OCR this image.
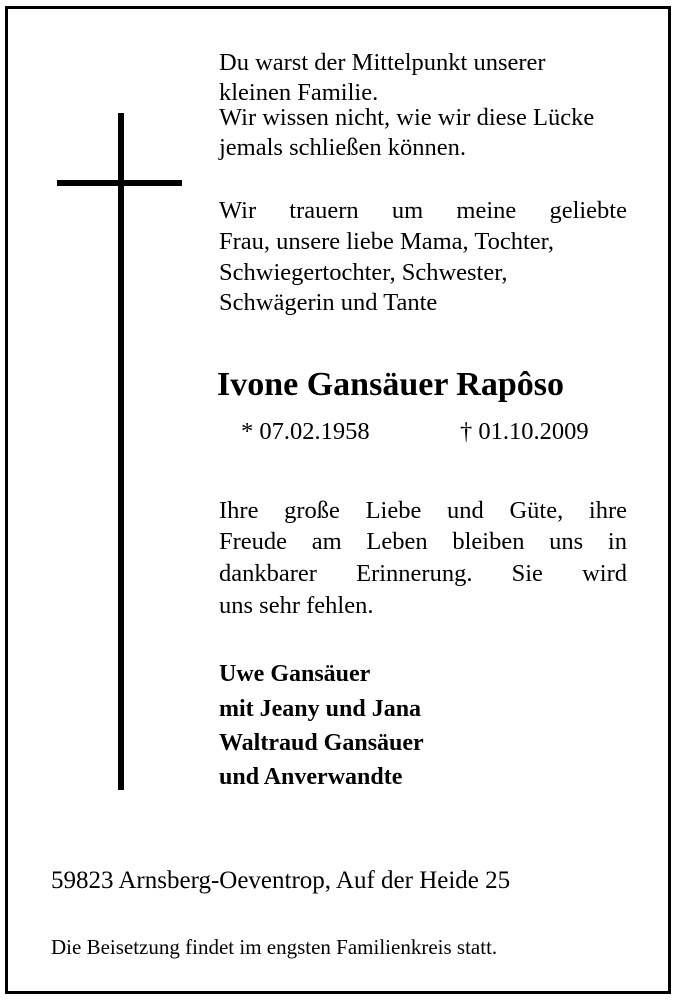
Du warst der Mittelpunkt unserer
kleinen Familie.
Wir wissen nicht, wie wir diese Lücke
jemals schließen können.
Wir trauern um meine geliebte
Frau, unsere liebe Mama, Tochter,
Schwiegertochter, Schwester,
Schwägerin und Tante
Ivone Gansäuer Rapôso
* 07.02.1958	† 01.10.2009
Ihre große Liebe und Güte, ihre
Freude am Leben bleiben uns in
dankbarer Erinnerung. Sie wird
uns sehr fehlen.
Uwe Gansäuer
mit Jeany und Jana
Waltraud Gansäuer
und Anverwandte
59823 Arnsberg-Oeventrop, Auf der Heide 25
Die Beisetzung findet im engsten Familienkreis statt.
